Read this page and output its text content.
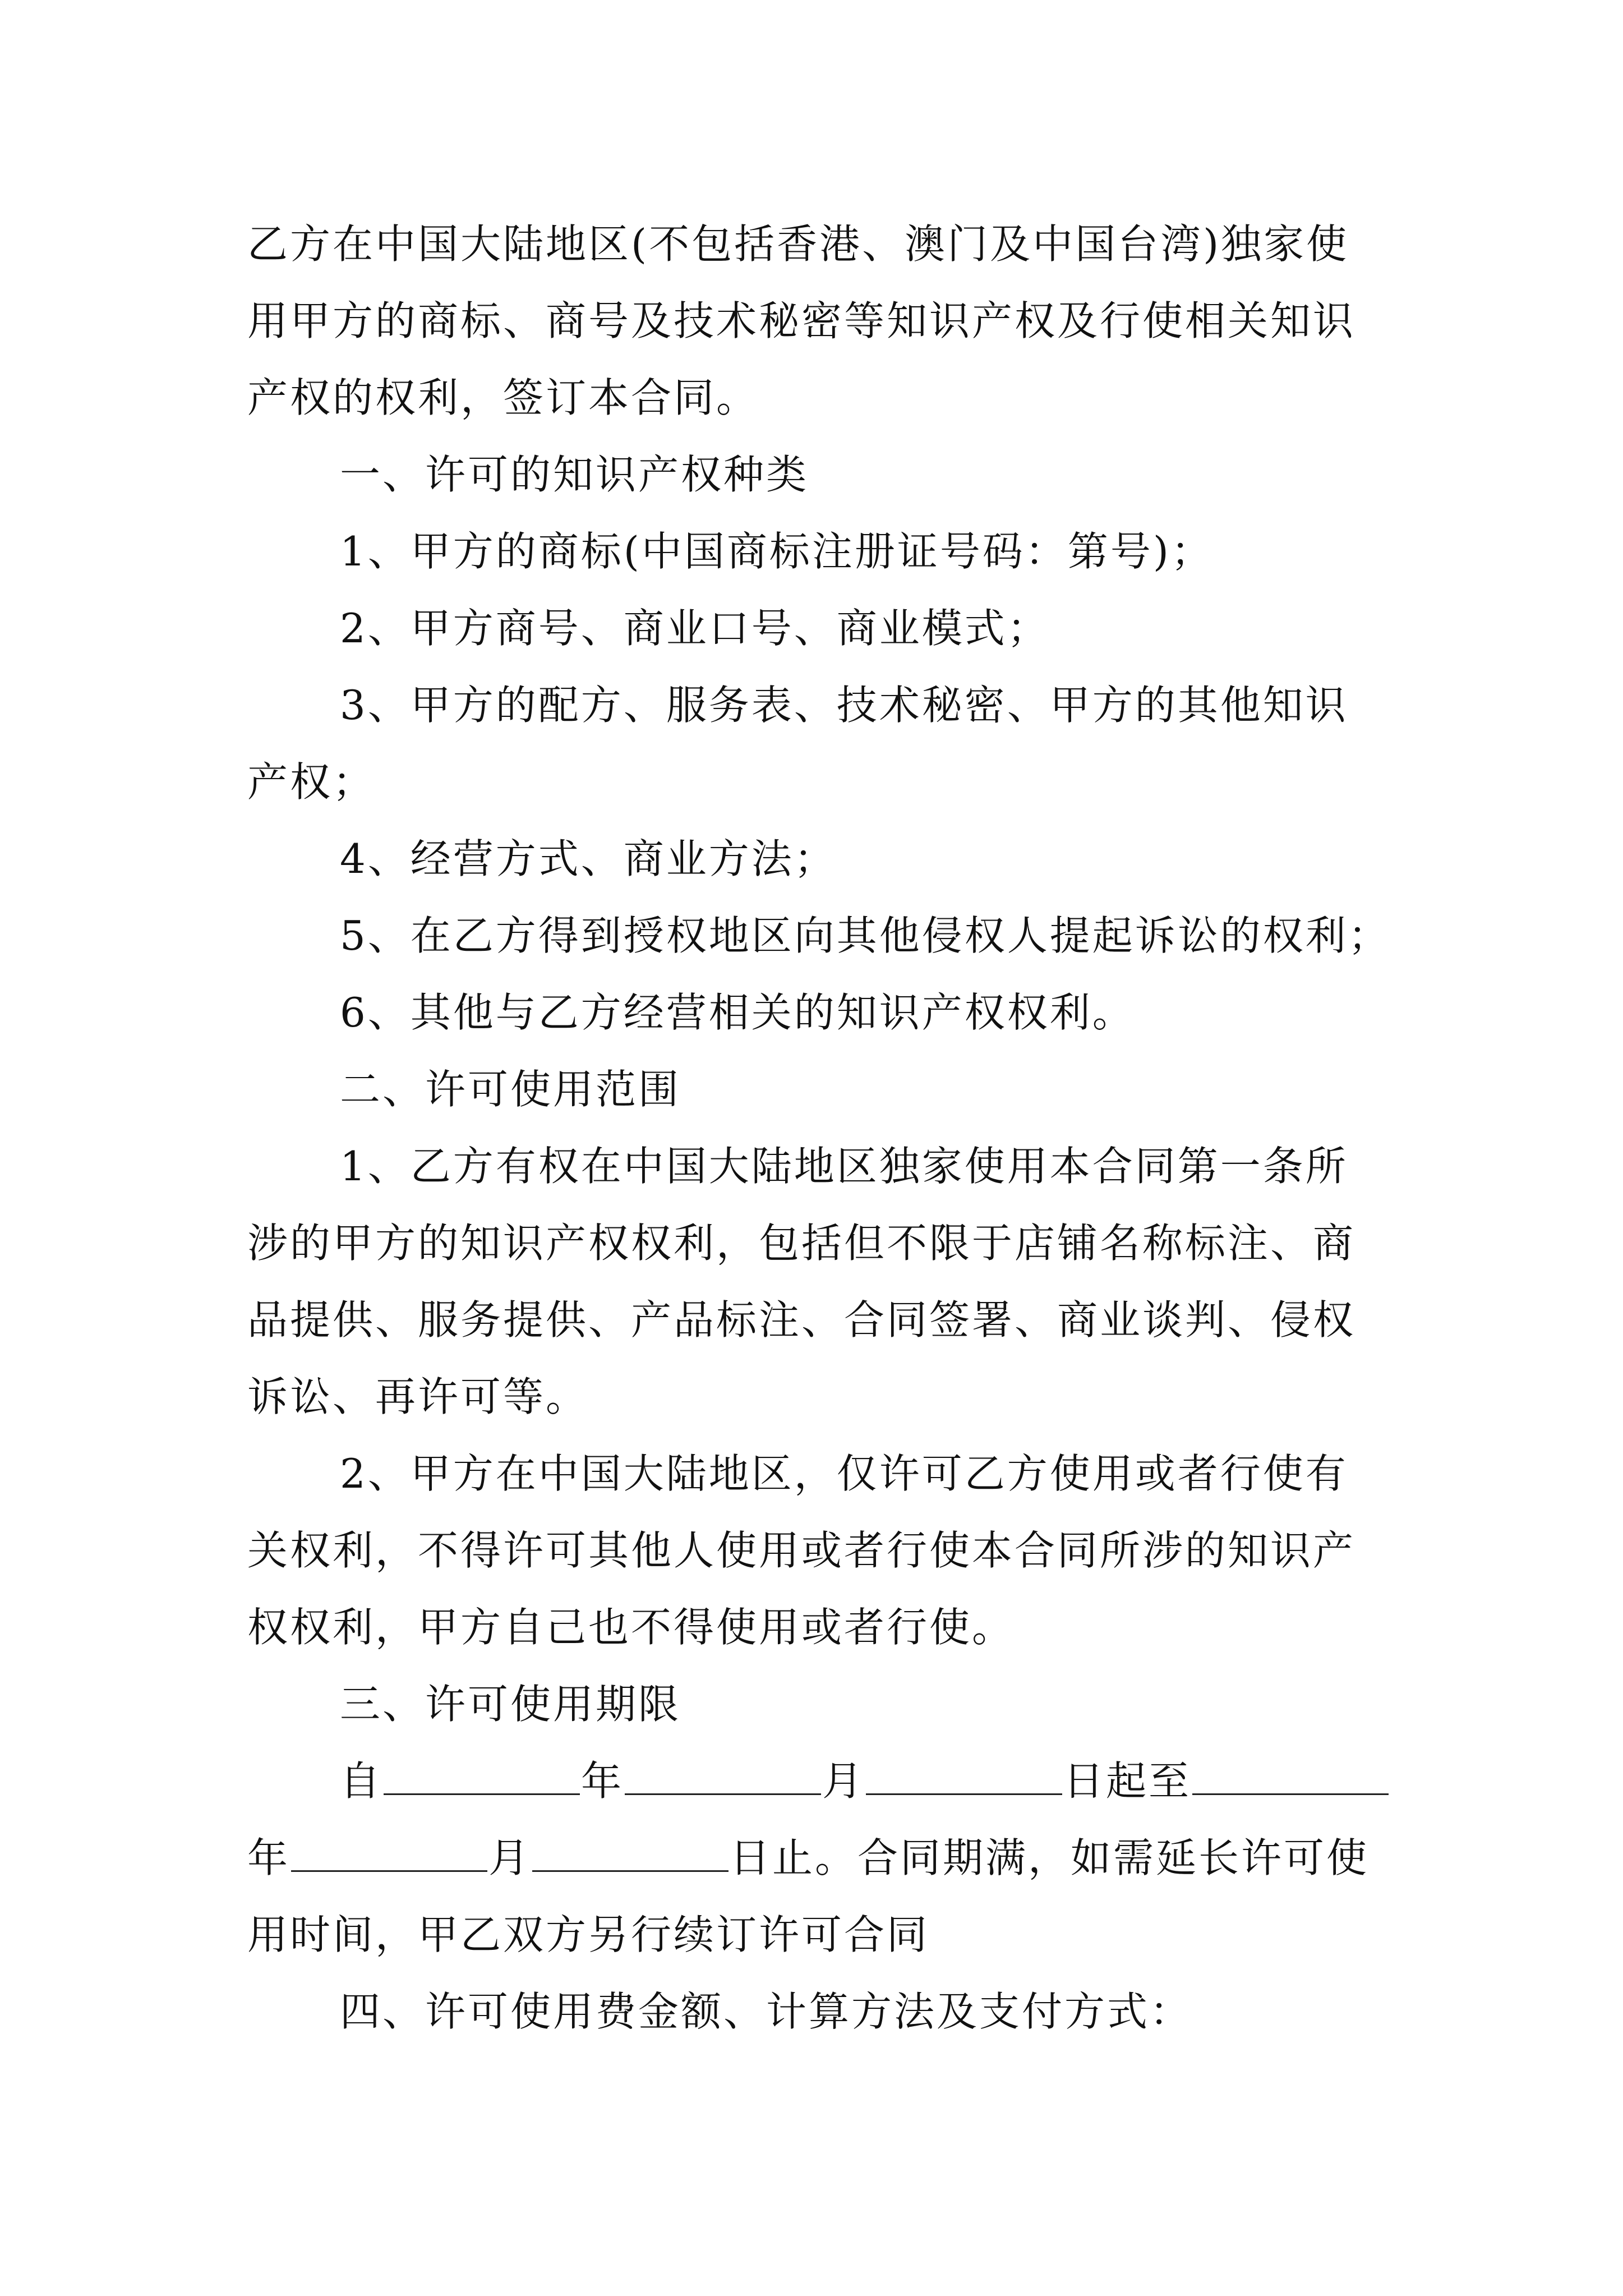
乙方在中国大陆地区(不包括香港、澳门及中国台湾)独家使
用甲方的商标、商号及技术秘密等知识产权及行使相关知识
产权的权利，签订本合同。
一、许可的知识产权种类
1、甲方的商标(中国商标注册证号码：第号)；
2、甲方商号、商业口号、商业模式；
3、甲方的配方、服务表、技术秘密、甲方的其他知识
产权；
4、经营方式、商业方法；
5、在乙方得到授权地区向其他侵权人提起诉讼的权利；
6、其他与乙方经营相关的知识产权权利。
二、许可使用范围
1、乙方有权在中国大陆地区独家使用本合同第一条所
涉的甲方的知识产权权利，包括但不限于店铺名称标注、商
品提供、服务提供、产品标注、合同签署、商业谈判、侵权
诉讼、再许可等。
2、甲方在中国大陆地区，仅许可乙方使用或者行使有
关权利，不得许可其他人使用或者行使本合同所涉的知识产
权权利，甲方自己也不得使用或者行使。
三、许可使用期限
自	年	月	日起至
年	月	日止。合同期满，如需延长许可使
用时间，甲乙双方另行续订许可合同
四、许可使用费金额、计算方法及支付方式：
